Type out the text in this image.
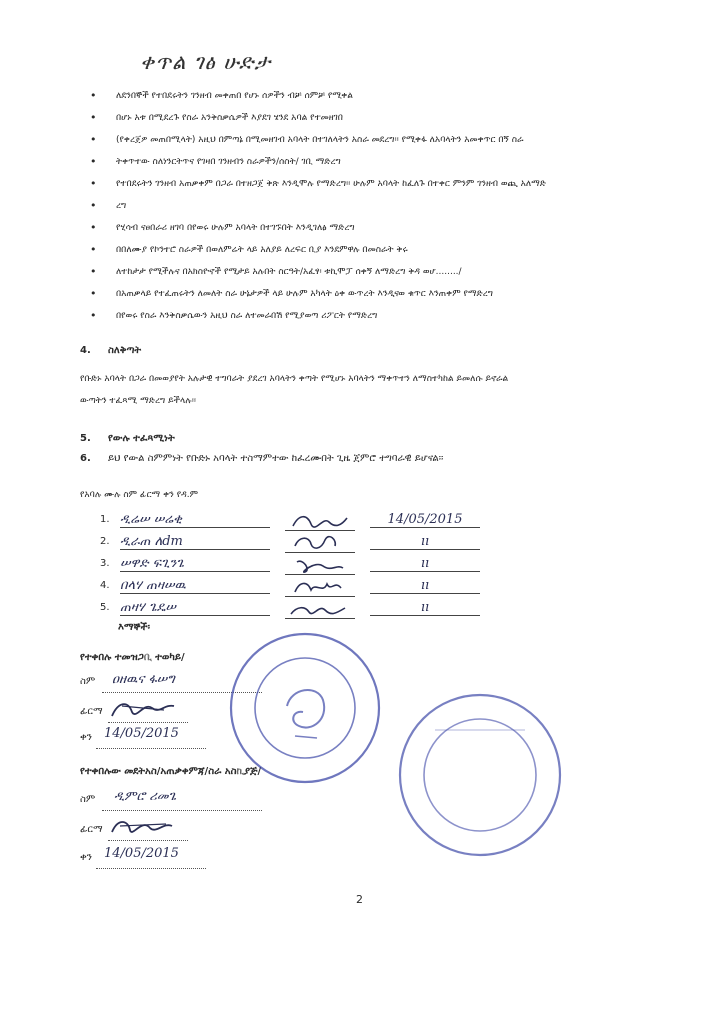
ቀጥል ገፅ ሁድታ
• ለደንበኞች የተበደሩትን ገንዘብ መቀጠበ የሆኑ ሰዎችን ብቻ ሰምቻ የሚቀል
• በሆኑ አቱ በሚደረጉ የስራ አንቅስቃሴዎች እያደገ ሄንደ አባል የተመዘገበ
• (የቀረጀዎ መጠበሚላት) አዚህ በምጣኔ በሚመዘገብ አባላት በተገለላትን አስራ መደረግ፡፡ የሚቀፋ ለአባላትን አመቀጥር በኝ ስራ
• ትቀጥተው ስለነንርትጥና የገዛበ ገንዘብን ስራዎችን/ሰስት/ ገቢ ማድረግ
• የተበደሩትን ገንዘብ አጠቃቀም በጋራ በተዘጋጀ ቅጽ እንዲሞሉ የማድረግ፡፡ ሁሉም አባላት ከፈለጉ በተቀር ምንም ገንዘብ ወጪ አለማድ
• ረግ
• የሂሳብ ናፀበራሪ ዘገባ በየወሩ ሁሉም አባላት በተገኙበት እንዲገለፅ ማድረግ
• በበለሙያ የኮንተሮ ስራዎች በወለምሬት ላይ አለያይ ለረፍር ቢያ እንደምዋሉ በመስራት ቅሩ
• ለተከታታ የሚችሉና በአክስዮኖች የሚታይ አሉበት ስርዓት/አፈፃ፡ ቱኪሞፓ ሰቀኝ ለማድረግ ቅዳ ወሆ......../
• በአጠቃላይ የተፈጠሩትን ለመለት ስራ ሁኔታዎች ላይ ሁሉም አካላት ዕቀ ውጥረት እንዲናወ ቁጥር እንጠቀም የማድረግ
• በየወሩ የስራ እንቅስቃሴውን አዚህ ስራ ለተመራበሽ የሚያወጣ ሪፖርት የማድረግ
4. ስለቅጣት
የቡድኑ አባላት በጋራ በመወያየት አሉታዊ ተግባራት ያደረገ አባላትን ቀጣት የሚሆኑ አባላትን ማቀጥተን ለማስተካከል ይመለሱ ይኖራል
ውጣትን ተፈጻሚ ማድረግ ይችላሉ፡፡
5. የውሉ ተፈጻሚነት
6. ይህ የውል ስምምነት የቡድኑ አባላት ተስማምተው ከፈረሙበት ጊዜ ጀምሮ ተግባራዊ ይሆናል፡፡
የአባሉ ሙሉ ስም ፊርማ ቀን የዳ.ም
1. ዲሬሠ ሠሬቂ	14/05/2015
2. ዲራጠ ለdm	ıı
3. ሠዋድ ፍጊንጌ	ıı
4. በላሃ ጠዛሠዉ	ıı
5. ጠዛሃ ጌዴሠ	ıı
እማኞች፡
የተቀበሉ ተመዝጋቢ ተወካይ/
ስም ዐዘዉና ፋሠግ
ፊርማ
ቀን 14/05/2015
የተቀበሉው መደትአስ/አጠቃቀምጃ/ስራ አስኪያጅ/
ስም ዲምሮ ሪመጌ
ፊርማ
ቀን 14/05/2015
2
